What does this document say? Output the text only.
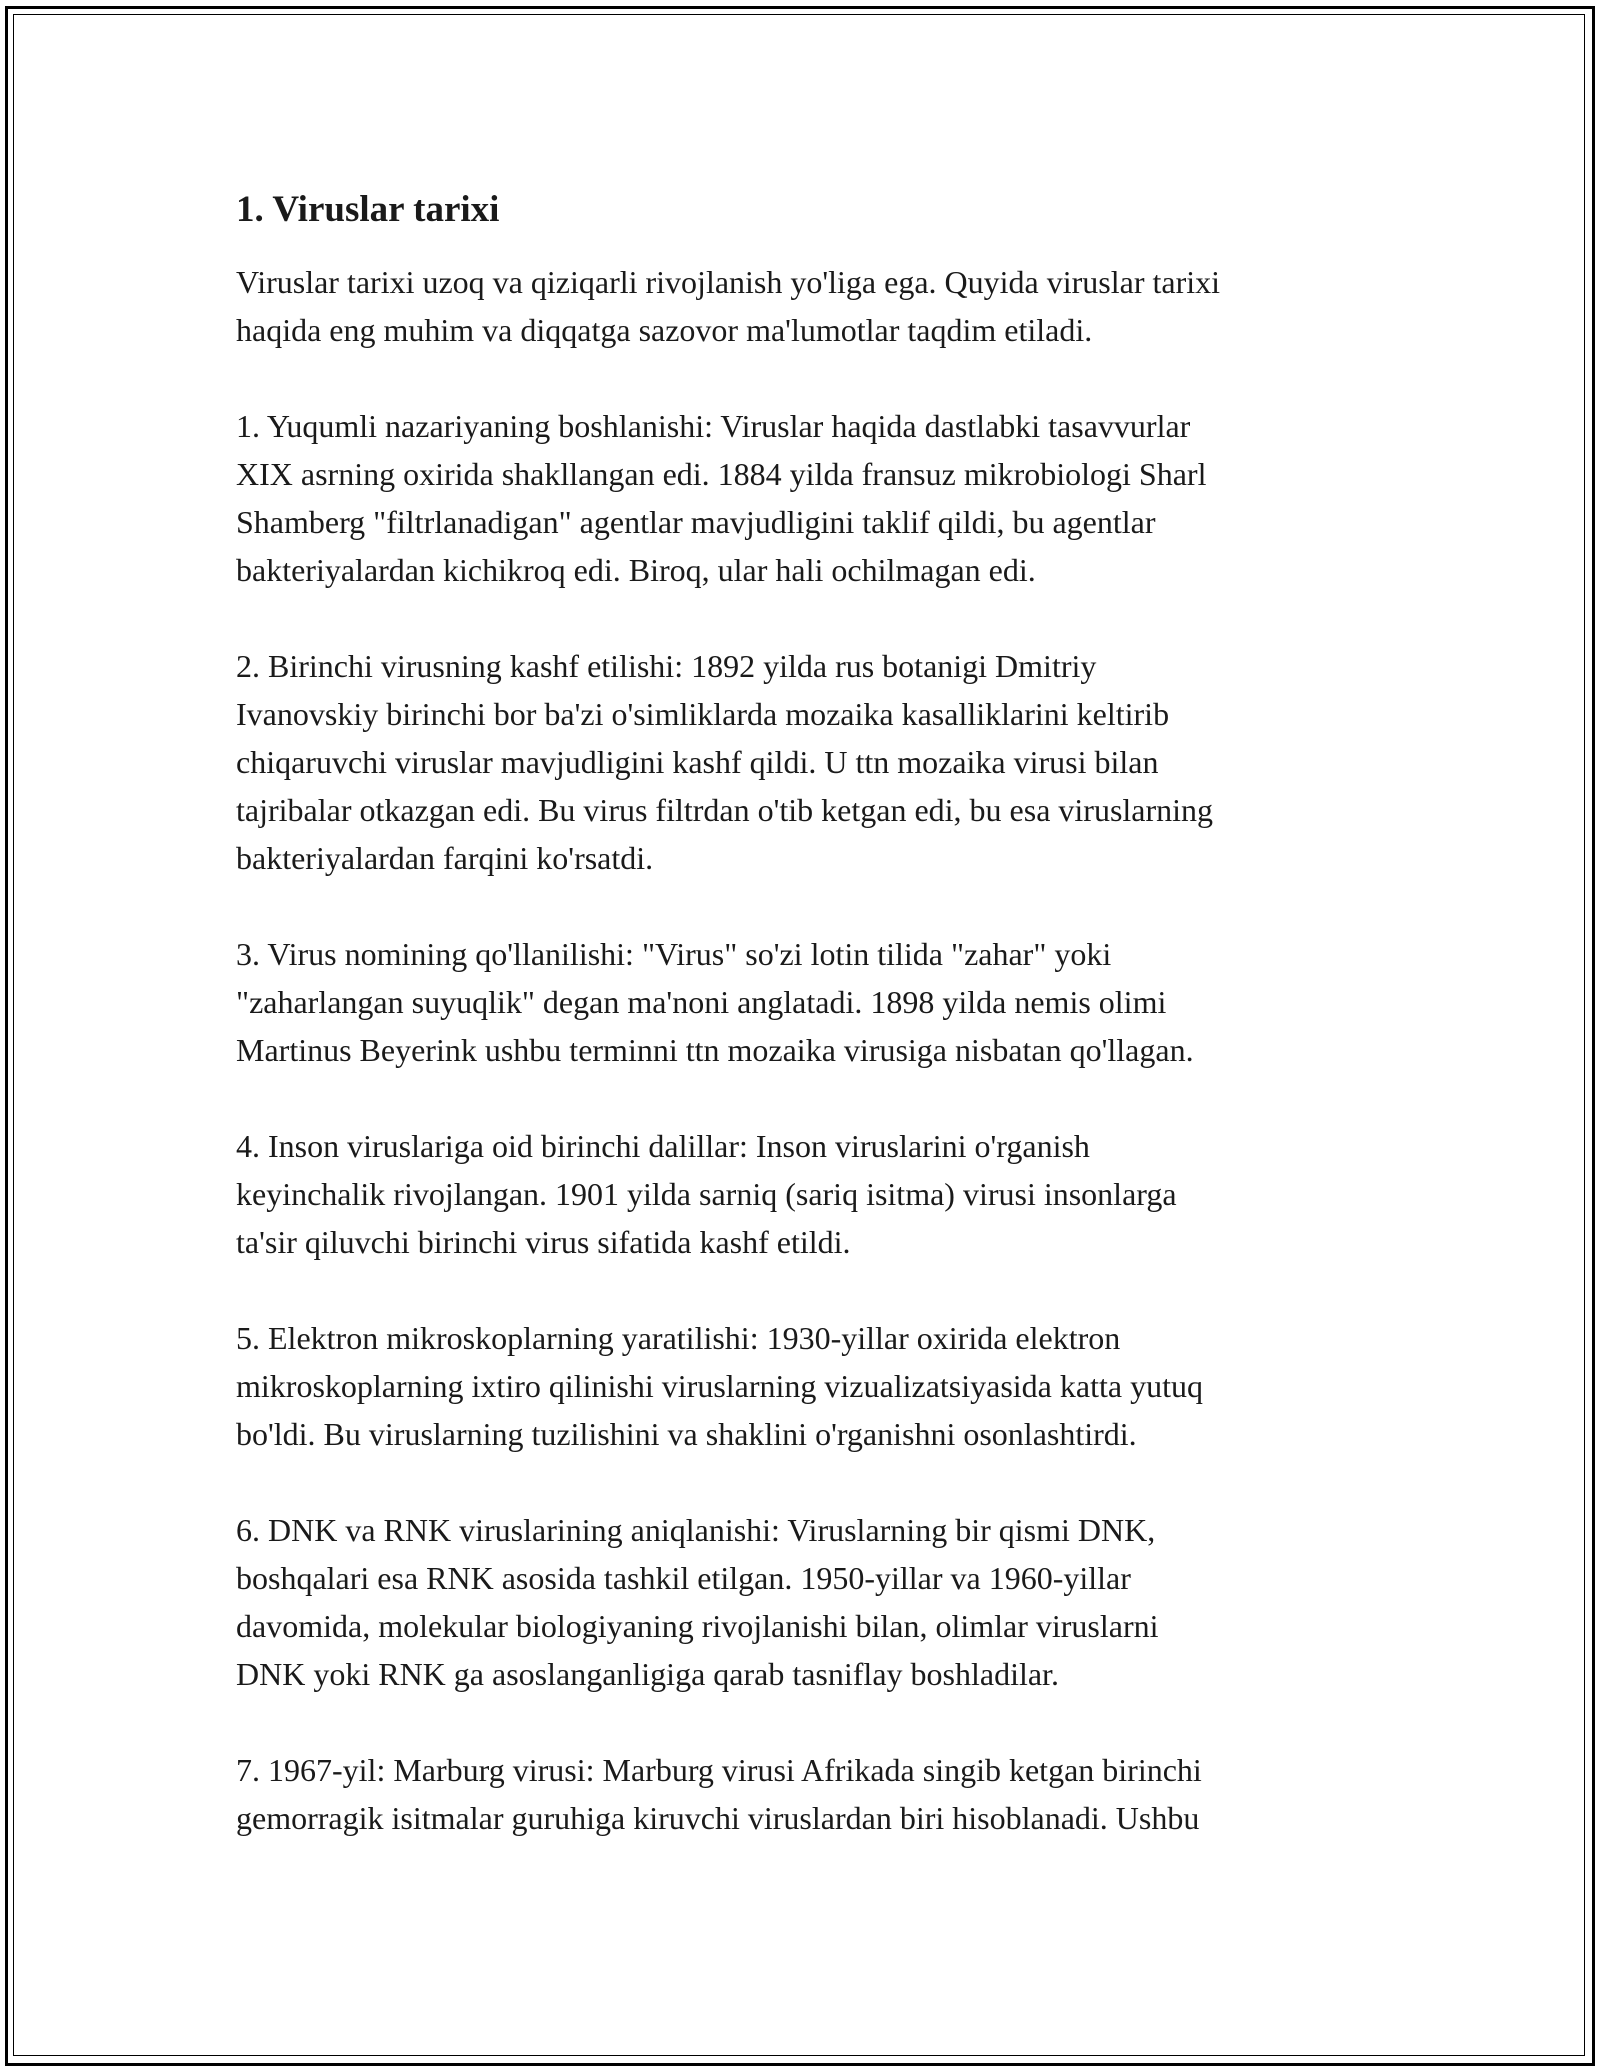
1. Viruslar tarixi

Viruslar tarixi uzoq va qiziqarli rivojlanish yo'liga ega. Quyida viruslar tarixi
haqida eng muhim va diqqatga sazovor ma'lumotlar taqdim etiladi.

1. Yuqumli nazariyaning boshlanishi: Viruslar haqida dastlabki tasavvurlar
XIX asrning oxirida shakllangan edi. 1884 yilda fransuz mikrobiologi Sharl
Shamberg "filtrlanadigan" agentlar mavjudligini taklif qildi, bu agentlar
bakteriyalardan kichikroq edi. Biroq, ular hali ochilmagan edi.

2. Birinchi virusning kashf etilishi: 1892 yilda rus botanigi Dmitriy
Ivanovskiy birinchi bor ba'zi o'simliklarda mozaika kasalliklarini keltirib
chiqaruvchi viruslar mavjudligini kashf qildi. U ttn mozaika virusi bilan
tajribalar otkazgan edi. Bu virus filtrdan o'tib ketgan edi, bu esa viruslarning
bakteriyalardan farqini ko'rsatdi.

3. Virus nomining qo'llanilishi: "Virus" so'zi lotin tilida "zahar" yoki
"zaharlangan suyuqlik" degan ma'noni anglatadi. 1898 yilda nemis olimi
Martinus Beyerink ushbu terminni ttn mozaika virusiga nisbatan qo'llagan.

4. Inson viruslariga oid birinchi dalillar: Inson viruslarini o'rganish
keyinchalik rivojlangan. 1901 yilda sarniq (sariq isitma) virusi insonlarga
ta'sir qiluvchi birinchi virus sifatida kashf etildi.

5. Elektron mikroskoplarning yaratilishi: 1930-yillar oxirida elektron
mikroskoplarning ixtiro qilinishi viruslarning vizualizatsiyasida katta yutuq
bo'ldi. Bu viruslarning tuzilishini va shaklini o'rganishni osonlashtirdi.

6. DNK va RNK viruslarining aniqlanishi: Viruslarning bir qismi DNK,
boshqalari esa RNK asosida tashkil etilgan. 1950-yillar va 1960-yillar
davomida, molekular biologiyaning rivojlanishi bilan, olimlar viruslarni
DNK yoki RNK ga asoslanganligiga qarab tasniflay boshladilar.

7. 1967-yil: Marburg virusi: Marburg virusi Afrikada singib ketgan birinchi
gemorragik isitmalar guruhiga kiruvchi viruslardan biri hisoblanadi. Ushbu
